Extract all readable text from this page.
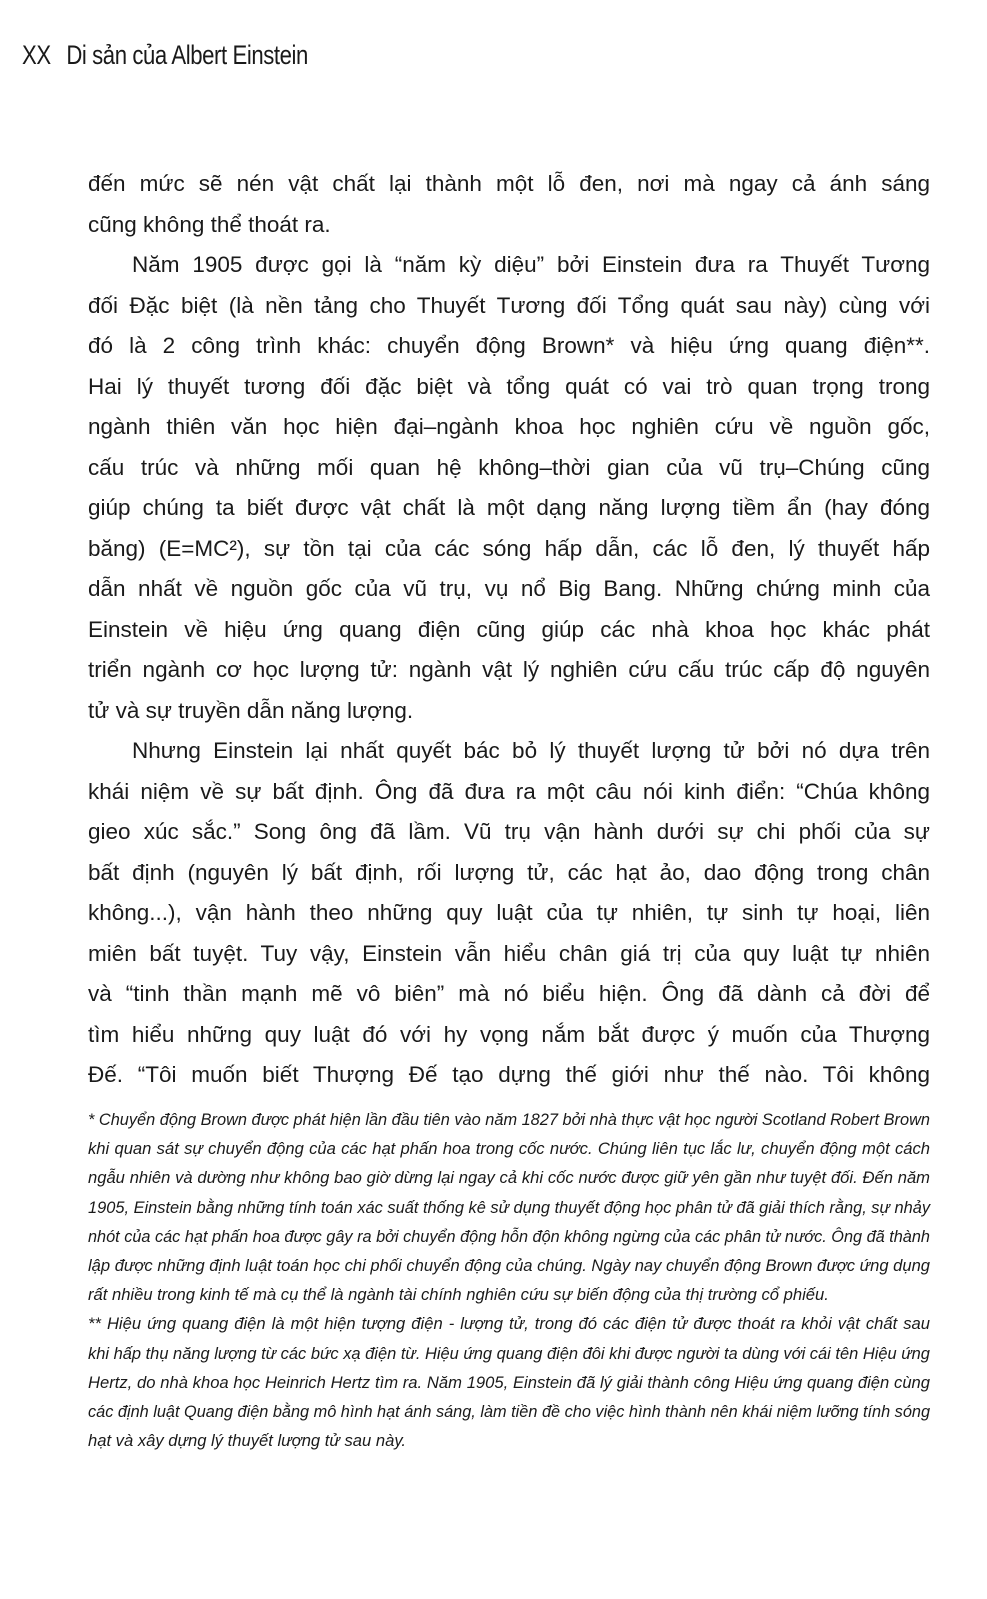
XX Di sản của Albert Einstein
đến mức sẽ nén vật chất lại thành một lỗ đen, nơi mà ngay cả ánh sáng
cũng không thể thoát ra.
Năm 1905 được gọi là “năm kỳ diệu” bởi Einstein đưa ra Thuyết Tương
đối Đặc biệt (là nền tảng cho Thuyết Tương đối Tổng quát sau này) cùng với
đó là 2 công trình khác: chuyển động Brown* và hiệu ứng quang điện**.
Hai lý thuyết tương đối đặc biệt và tổng quát có vai trò quan trọng trong
ngành thiên văn học hiện đại–ngành khoa học nghiên cứu về nguồn gốc,
cấu trúc và những mối quan hệ không–thời gian của vũ trụ–Chúng cũng
giúp chúng ta biết được vật chất là một dạng năng lượng tiềm ẩn (hay đóng
băng) (E=MC²), sự tồn tại của các sóng hấp dẫn, các lỗ đen, lý thuyết hấp
dẫn nhất về nguồn gốc của vũ trụ, vụ nổ Big Bang. Những chứng minh của
Einstein về hiệu ứng quang điện cũng giúp các nhà khoa học khác phát
triển ngành cơ học lượng tử: ngành vật lý nghiên cứu cấu trúc cấp độ nguyên
tử và sự truyền dẫn năng lượng.
Nhưng Einstein lại nhất quyết bác bỏ lý thuyết lượng tử bởi nó dựa trên
khái niệm về sự bất định. Ông đã đưa ra một câu nói kinh điển: “Chúa không
gieo xúc sắc.” Song ông đã lầm. Vũ trụ vận hành dưới sự chi phối của sự
bất định (nguyên lý bất định, rối lượng tử, các hạt ảo, dao động trong chân
không...), vận hành theo những quy luật của tự nhiên, tự sinh tự hoại, liên
miên bất tuyệt. Tuy vậy, Einstein vẫn hiểu chân giá trị của quy luật tự nhiên
và “tinh thần mạnh mẽ vô biên” mà nó biểu hiện. Ông đã dành cả đời để
tìm hiểu những quy luật đó với hy vọng nắm bắt được ý muốn của Thượng
Đế. “Tôi muốn biết Thượng Đế tạo dựng thế giới như thế nào. Tôi không
* Chuyển động Brown được phát hiện lần đầu tiên vào năm 1827 bởi nhà thực vật học người Scotland Robert Brown
khi quan sát sự chuyển động của các hạt phấn hoa trong cốc nước. Chúng liên tục lắc lư, chuyển động một cách
ngẫu nhiên và dường như không bao giờ dừng lại ngay cả khi cốc nước được giữ yên gần như tuyệt đối. Đến năm
1905, Einstein bằng những tính toán xác suất thống kê sử dụng thuyết động học phân tử đã giải thích rằng, sự nhảy
nhót của các hạt phấn hoa được gây ra bởi chuyển động hỗn độn không ngừng của các phân tử nước. Ông đã thành
lập được những định luật toán học chi phối chuyển động của chúng. Ngày nay chuyển động Brown được ứng dụng
rất nhiều trong kinh tế mà cụ thể là ngành tài chính nghiên cứu sự biến động của thị trường cổ phiếu.
** Hiệu ứng quang điện là một hiện tượng điện - lượng tử, trong đó các điện tử được thoát ra khỏi vật chất sau
khi hấp thụ năng lượng từ các bức xạ điện từ. Hiệu ứng quang điện đôi khi được người ta dùng với cái tên Hiệu ứng
Hertz, do nhà khoa học Heinrich Hertz tìm ra. Năm 1905, Einstein đã lý giải thành công Hiệu ứng quang điện cùng
các định luật Quang điện bằng mô hình hạt ánh sáng, làm tiền đề cho việc hình thành nên khái niệm lưỡng tính sóng
hạt và xây dựng lý thuyết lượng tử sau này.
